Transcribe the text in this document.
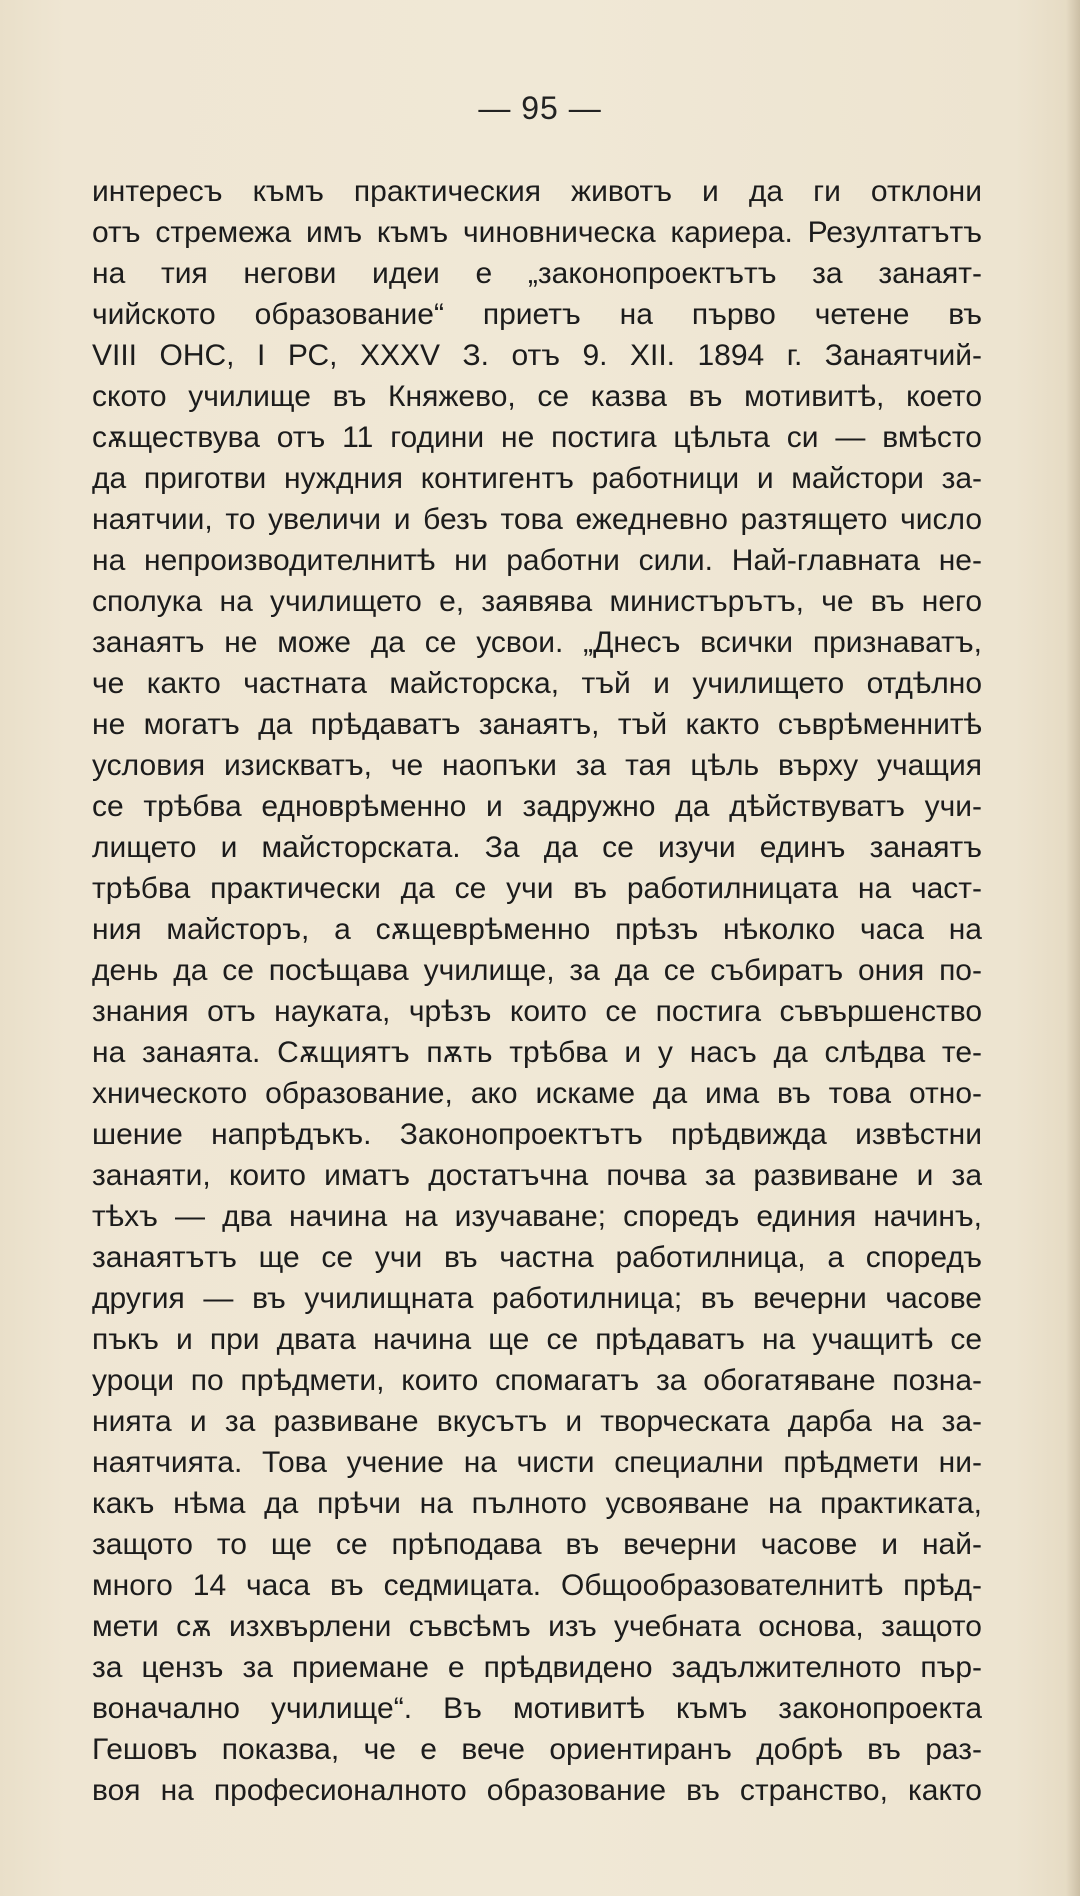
— 95 —
интересъ къмъ практическия животъ и да ги отклони
отъ стремежа имъ къмъ чиновническа кариера. Резултатътъ
на тия негови идеи е „законопроектътъ за занаят-
чийското образование“ приетъ на първо четене въ
VIII ОНС, I РС, XXXV З. отъ 9. XII. 1894 г. Занаятчий-
ското училище въ Княжево, се казва въ мотивитѣ, което
сѫществува отъ 11 години не постига цѣльта си — вмѣсто
да приготви нуждния контигентъ работници и майстори за-
наятчии, то увеличи и безъ това ежедневно разтящето число
на непроизводителнитѣ ни работни сили. Най-главната не-
сполука на училището е, заявява министърътъ, че въ него
занаятъ не може да се усвои. „Днесъ всички признаватъ,
че както частната майсторска, тъй и училището отдѣлно
не могатъ да прѣдаватъ занаятъ, тъй както съврѣменнитѣ
условия изискватъ, че наопъки за тая цѣль върху учащия
се трѣбва едноврѣменно и задружно да дѣйствуватъ учи-
лището и майсторската. За да се изучи единъ занаятъ
трѣбва практически да се учи въ работилницата на част-
ния майсторъ, а сѫщеврѣменно прѣзъ нѣколко часа на
день да се посѣщава училище, за да се събиратъ ония по-
знания отъ науката, чрѣзъ които се постига съвършенство
на занаята. Сѫщиятъ пѫть трѣбва и у насъ да слѣдва те-
хническото образование, ако искаме да има въ това отно-
шение напрѣдъкъ. Законопроектътъ прѣдвижда извѣстни
занаяти, които иматъ достатъчна почва за развиване и за
тѣхъ — два начина на изучаване; споредъ единия начинъ,
занаятътъ ще се учи въ частна работилница, а споредъ
другия — въ училищната работилница; въ вечерни часове
пъкъ и при двата начина ще се прѣдаватъ на учащитѣ се
уроци по прѣдмети, които спомагатъ за обогатяване позна-
нията и за развиване вкусътъ и творческата дарба на за-
наятчията. Това учение на чисти специални прѣдмети ни-
какъ нѣма да прѣчи на пълното усвояване на практиката,
защото то ще се прѣподава въ вечерни часове и най-
много 14 часа въ седмицата. Общообразователнитѣ прѣд-
мети сѫ изхвърлени съвсѣмъ изъ учебната основа, защото
за цензъ за приемане е прѣдвидено задължителното пър-
воначално училище“. Въ мотивитѣ къмъ законопроекта
Гешовъ показва, че е вече ориентиранъ добрѣ въ раз-
воя на професионалното образование въ странство, както
